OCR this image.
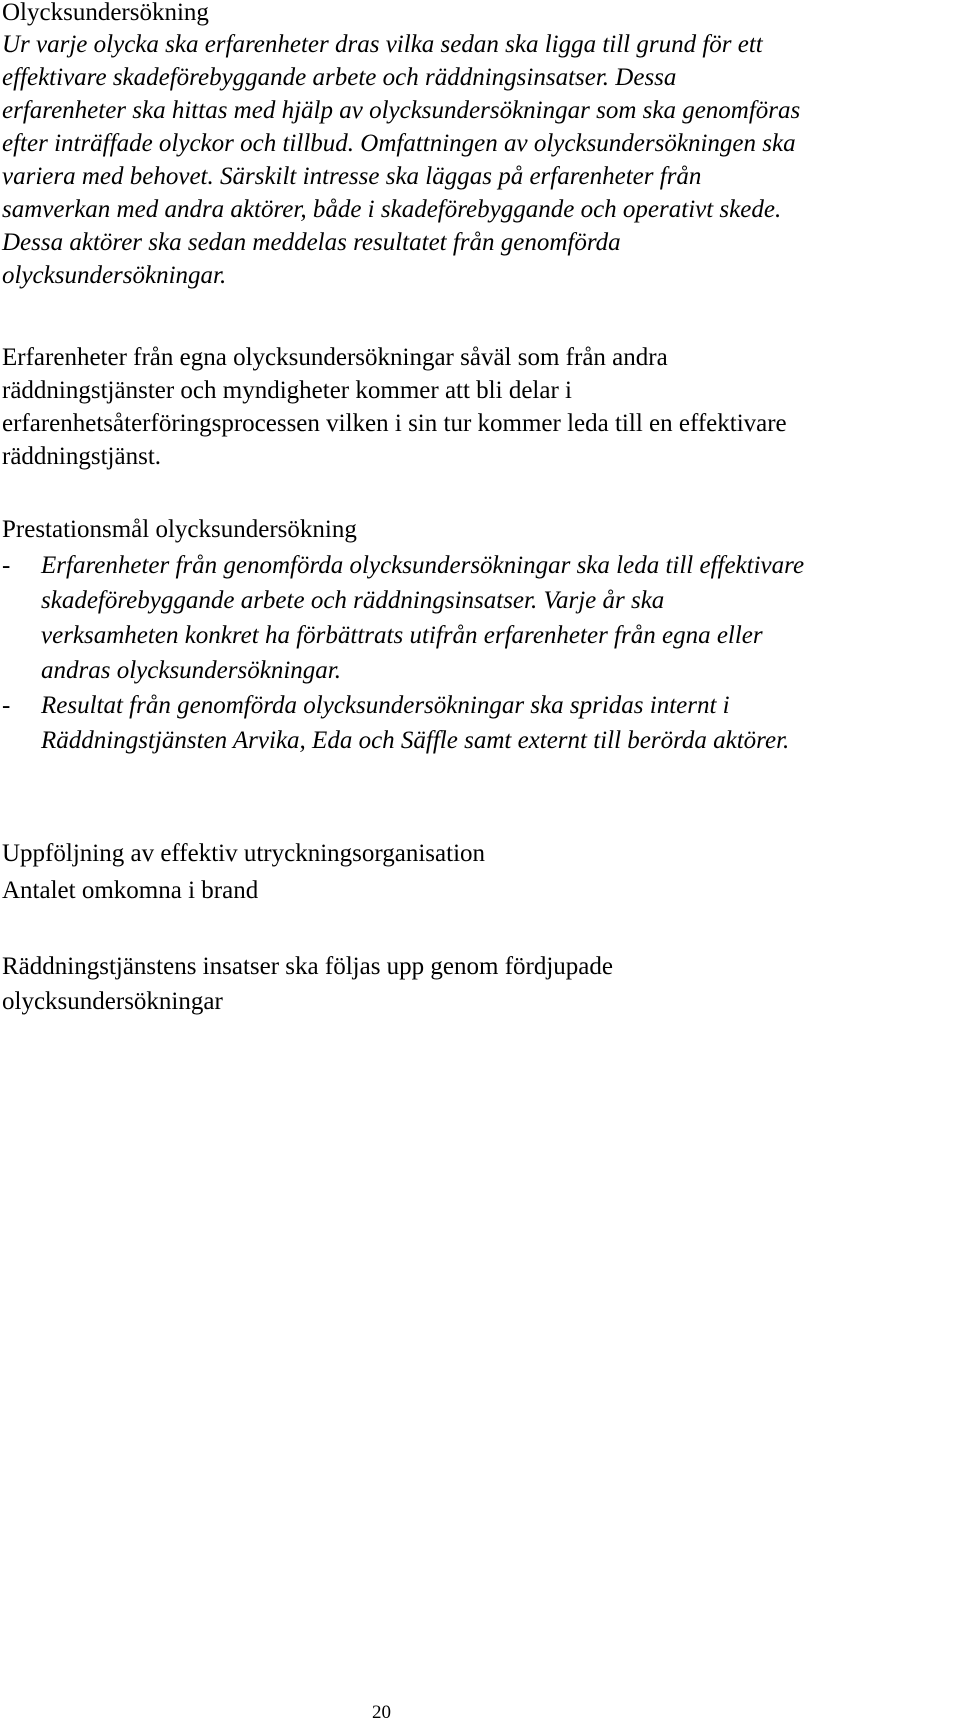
Olycksundersökning
Ur varje olycka ska erfarenheter dras vilka sedan ska ligga till grund för ett
effektivare skadeförebyggande arbete och räddningsinsatser. Dessa
erfarenheter ska hittas med hjälp av olycksundersökningar som ska genomföras
efter inträffade olyckor och tillbud. Omfattningen av olycksundersökningen ska
variera med behovet. Särskilt intresse ska läggas på erfarenheter från
samverkan med andra aktörer, både i skadeförebyggande och operativt skede.
Dessa aktörer ska sedan meddelas resultatet från genomförda
olycksundersökningar.
Erfarenheter från egna olycksundersökningar såväl som från andra
räddningstjänster och myndigheter kommer att bli delar i
erfarenhetsåterföringsprocessen vilken i sin tur kommer leda till en effektivare
räddningstjänst.
Prestationsmål olycksundersökning
- Erfarenheter från genomförda olycksundersökningar ska leda till effektivare
skadeförebyggande arbete och räddningsinsatser. Varje år ska
verksamheten konkret ha förbättrats utifrån erfarenheter från egna eller
andras olycksundersökningar.
- Resultat från genomförda olycksundersökningar ska spridas internt i
Räddningstjänsten Arvika, Eda och Säffle samt externt till berörda aktörer.
Uppföljning av effektiv utryckningsorganisation
Antalet omkomna i brand
Räddningstjänstens insatser ska följas upp genom fördjupade
olycksundersökningar
20
